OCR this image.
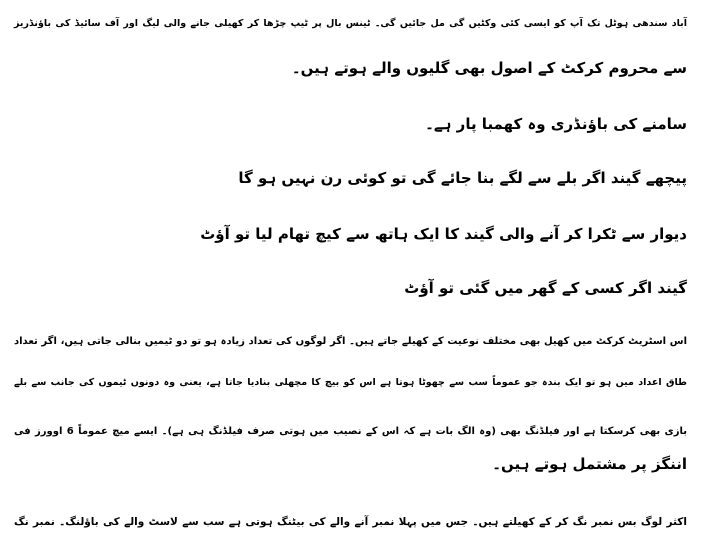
آباد سندھی ہوٹل تک آپ کو ایسی کئی وکٹیں گی مل جائیں گی۔ ٹینس بال پر ٹیپ چڑھا کر کھیلی جانے والی لیگ اور آف سائیڈ کی باؤنڈریز

سے محروم کرکٹ کے اصول بھی گلیوں والے ہوتے ہیں۔

سامنے کی باؤنڈری وہ کھمبا پار ہے۔

پیچھے گیند اگر بلے سے لگے بنا جائے گی تو کوئی رن نہیں ہو گا

دیوار سے ٹکرا کر آنے والی گیند کا ایک ہاتھ سے کیچ تھام لیا تو آؤٹ

گیند اگر کسی کے گھر میں گئی تو آؤٹ

اس اسٹریٹ کرکٹ میں کھیل بھی مختلف نوعیت کے کھیلے جاتے ہیں۔ اگر لوگوں کی تعداد زیادہ ہو تو دو ٹیمیں بنالی جاتی ہیں، اگر تعداد

طاق اعداد میں ہو تو ایک بندہ جو عموماً سب سے چھوٹا ہوتا ہے اس کو بیچ کا مچھلی بنادیا جاتا ہے، یعنی وہ دونوں ٹیموں کی جانب سے بلے

بازی بھی کرسکتا ہے اور فیلڈنگ بھی (وہ الگ بات ہے کہ اس کے نصیب میں ہوتی صرف فیلڈنگ ہی ہے)۔ ایسے میچ عموماً 6 اوورز فی

اننگز پر مشتمل ہوتے ہیں۔

اکثر لوگ بس نمبر نگ کر کے کھیلتے ہیں۔ جس میں پہلا نمبر آنے والے کی بیٹنگ ہوتی ہے سب سے لاسٹ والے کی باؤلنگ۔ نمبر نگ
